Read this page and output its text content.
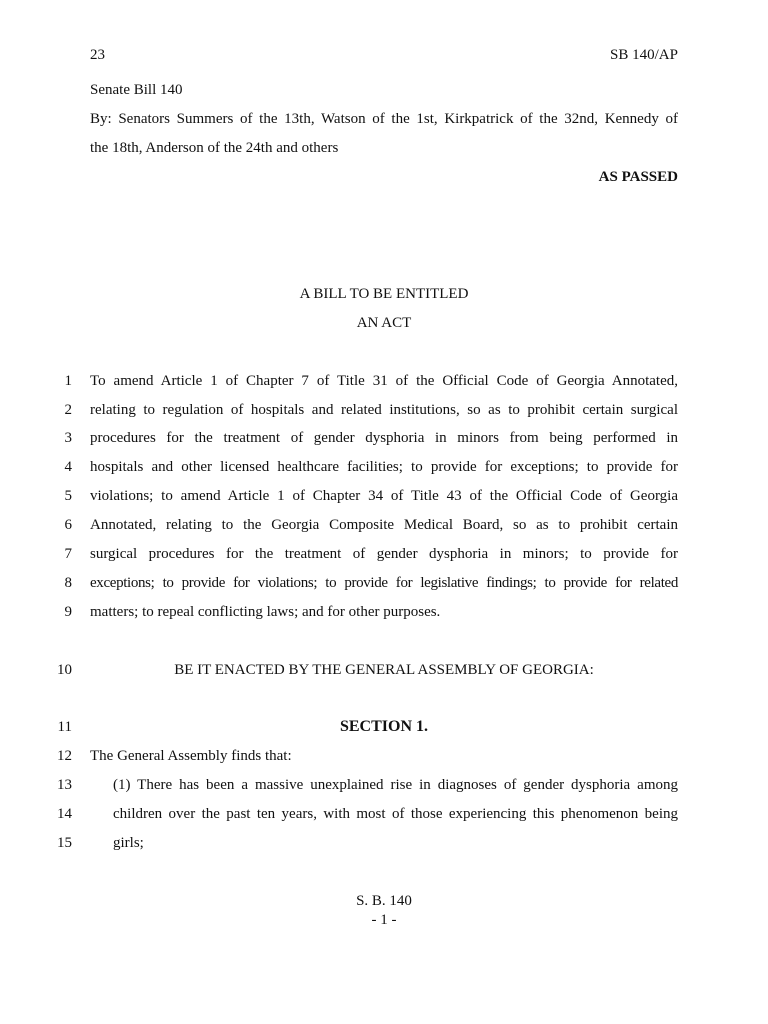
23	SB 140/AP
Senate Bill 140
By: Senators Summers of the 13th, Watson of the 1st, Kirkpatrick of the 32nd, Kennedy of
the 18th, Anderson of the 24th and others
AS PASSED
A BILL TO BE ENTITLED
AN ACT
1 To amend Article 1 of Chapter 7 of Title 31 of the Official Code of Georgia Annotated,
2 relating to regulation of hospitals and related institutions, so as to prohibit certain surgical
3 procedures for the treatment of gender dysphoria in minors from being performed in
4 hospitals and other licensed healthcare facilities; to provide for exceptions; to provide for
5 violations; to amend Article 1 of Chapter 34 of Title 43 of the Official Code of Georgia
6 Annotated, relating to the Georgia Composite Medical Board, so as to prohibit certain
7 surgical procedures for the treatment of gender dysphoria in minors; to provide for
8 exceptions; to provide for violations; to provide for legislative findings; to provide for related
9 matters; to repeal conflicting laws; and for other purposes.
10	BE IT ENACTED BY THE GENERAL ASSEMBLY OF GEORGIA:
11	SECTION 1.
12 The General Assembly finds that:
13	(1) There has been a massive unexplained rise in diagnoses of gender dysphoria among
14	children over the past ten years, with most of those experiencing this phenomenon being
15	girls;
S. B. 140
- 1 -
